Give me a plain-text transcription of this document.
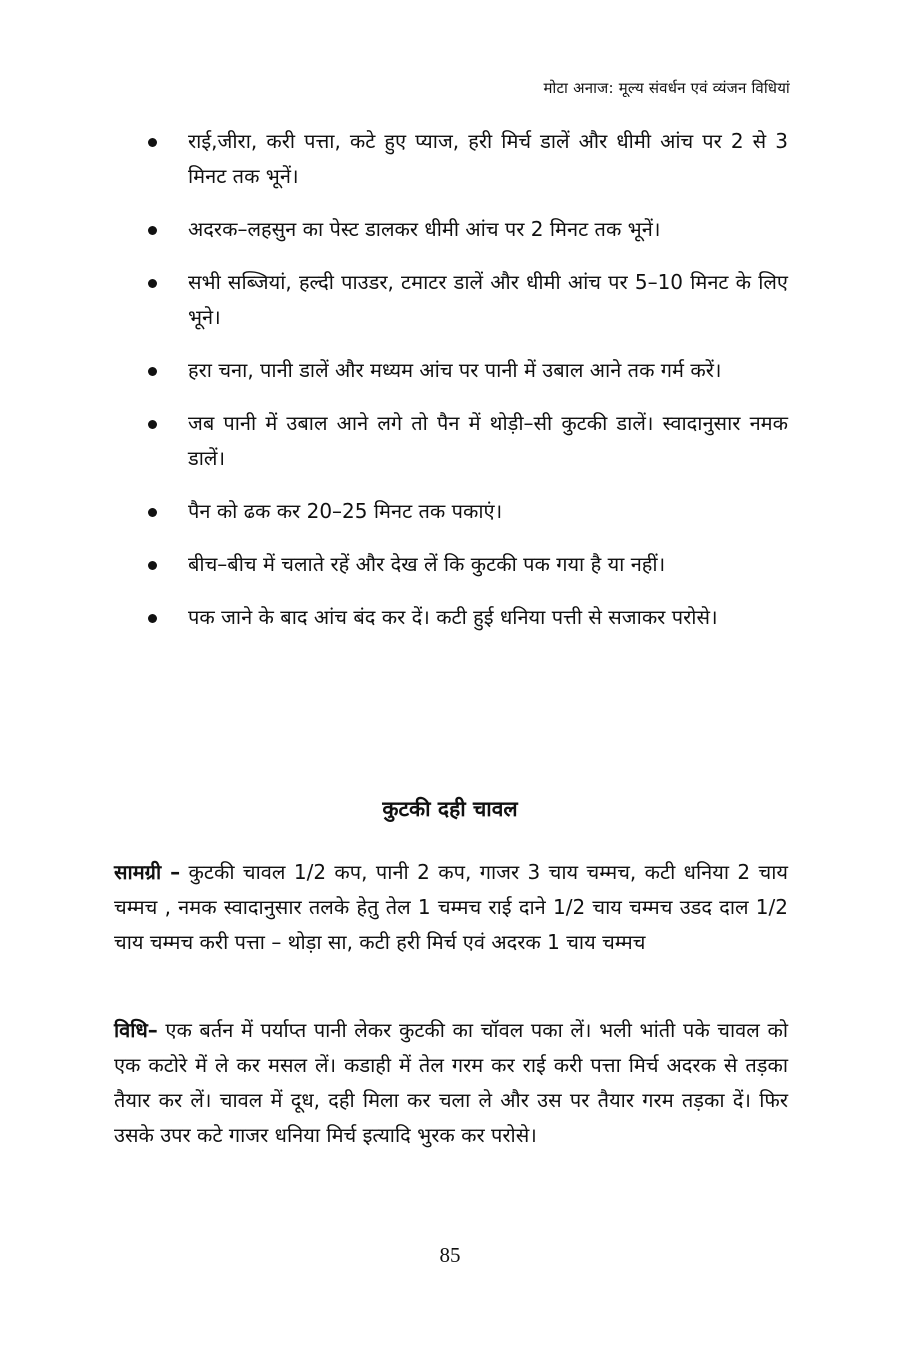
मोटा अनाज: मूल्य संवर्धन एवं व्यंजन विधियां
राई,जीरा, करी पत्ता, कटे हुए प्याज, हरी मिर्च डालें और धीमी आंच पर 2 से 3 मिनट तक भूनें।
अदरक–लहसुन का पेस्ट डालकर धीमी आंच पर 2 मिनट तक भूनें।
सभी सब्जियां, हल्दी पाउडर, टमाटर डालें और धीमी आंच पर 5–10 मिनट के लिए भूने।
हरा चना, पानी डालें और मध्यम आंच पर पानी में उबाल आने तक गर्म करें।
जब पानी में उबाल आने लगे तो पैन में थोड़ी–सी कुटकी डालें। स्वादानुसार नमक डालें।
पैन को ढक कर 20–25 मिनट तक पकाएं।
बीच–बीच में चलाते रहें और देख लें कि कुटकी पक गया है या नहीं।
पक जाने के बाद आंच बंद कर दें। कटी हुई धनिया पत्ती से सजाकर परोसे।
कुटकी दही चावल

सामग्री – कुटकी चावल 1/2 कप, पानी 2 कप, गाजर 3 चाय चम्मच, कटी धनिया 2 चाय चम्मच , नमक स्वादानुसार तलके हेतु तेल 1 चम्मच राई दाने 1/2 चाय चम्मच उडद दाल 1/2 चाय चम्मच करी पत्ता – थोड़ा सा, कटी हरी मिर्च एवं अदरक 1 चाय चम्मच

विधि– एक बर्तन में पर्याप्त पानी लेकर कुटकी का चॉवल पका लें। भली भांती पके चावल को एक कटोरे में ले कर मसल लें। कडाही में तेल गरम कर राई करी पत्ता मिर्च अदरक से तड़का तैयार कर लें। चावल में दूध, दही मिला कर चला ले और उस पर तैयार गरम तड़का दें। फिर उसके उपर कटे गाजर धनिया मिर्च इत्यादि भुरक कर परोसे।

85
